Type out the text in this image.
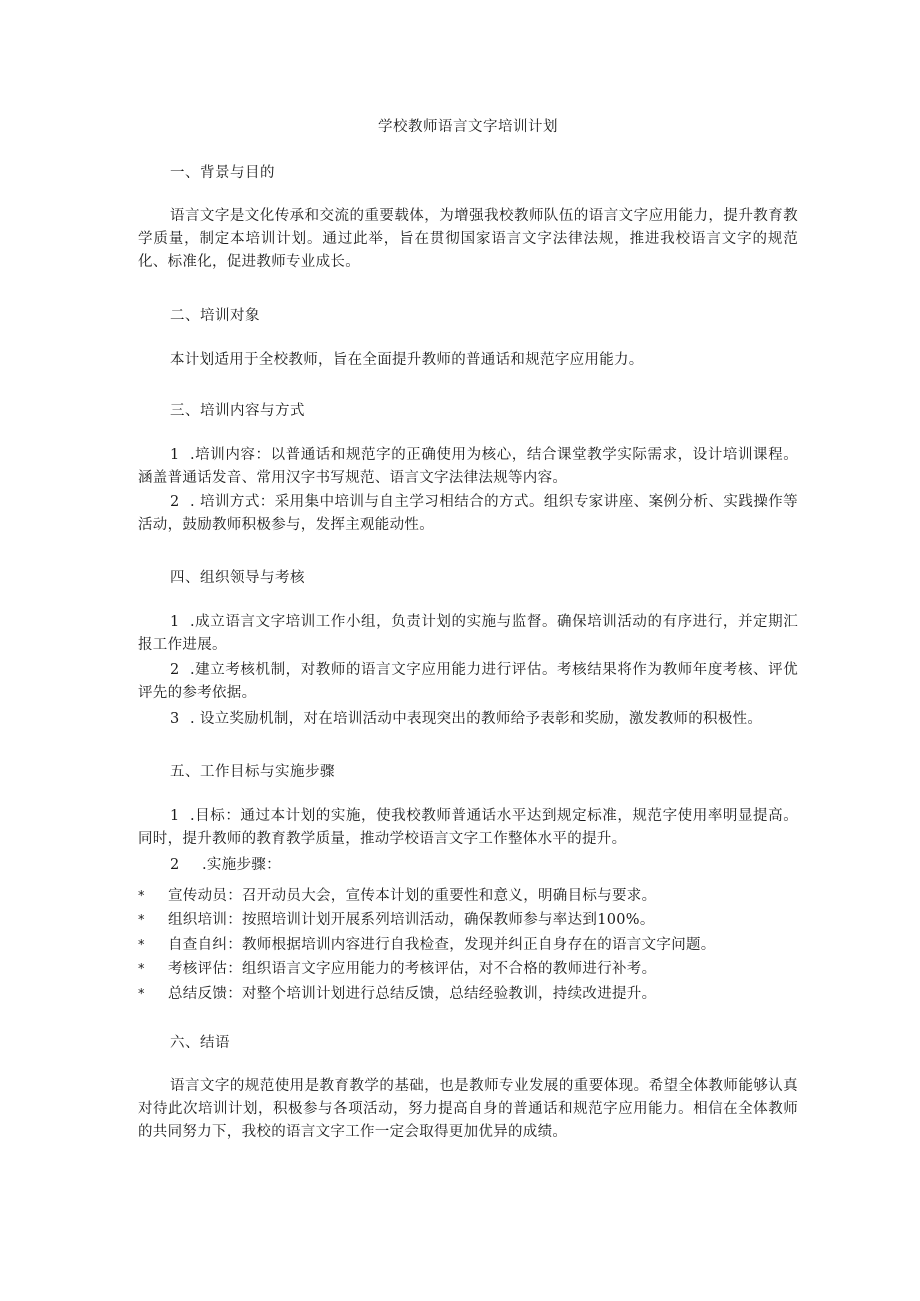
学校教师语言文字培训计划
一、背景与目的
语言文字是文化传承和交流的重要载体，为增强我校教师队伍的语言文字应用能力，提升教育教学质量，制定本培训计划。通过此举，旨在贯彻国家语言文字法律法规，推进我校语言文字的规范化、标准化，促进教师专业成长。
二、培训对象
本计划适用于全校教师，旨在全面提升教师的普通话和规范字应用能力。
三、培训内容与方式
1 .培训内容：以普通话和规范字的正确使用为核心，结合课堂教学实际需求，设计培训课程。涵盖普通话发音、常用汉字书写规范、语言文字法律法规等内容。
2 . 培训方式：采用集中培训与自主学习相结合的方式。组织专家讲座、案例分析、实践操作等活动，鼓励教师积极参与，发挥主观能动性。
四、组织领导与考核
1 .成立语言文字培训工作小组，负责计划的实施与监督。确保培训活动的有序进行，并定期汇报工作进展。
2 .建立考核机制，对教师的语言文字应用能力进行评估。考核结果将作为教师年度考核、评优评先的参考依据。
3 . 设立奖励机制，对在培训活动中表现突出的教师给予表彰和奖励，激发教师的积极性。
五、工作目标与实施步骤
1 .目标：通过本计划的实施，使我校教师普通话水平达到规定标准，规范字使用率明显提高。同时，提升教师的教育教学质量，推动学校语言文字工作整体水平的提升。
2 .实施步骤：
* 宣传动员：召开动员大会，宣传本计划的重要性和意义，明确目标与要求。
* 组织培训：按照培训计划开展系列培训活动，确保教师参与率达到100%。
* 自查自纠：教师根据培训内容进行自我检查，发现并纠正自身存在的语言文字问题。
* 考核评估：组织语言文字应用能力的考核评估，对不合格的教师进行补考。
* 总结反馈：对整个培训计划进行总结反馈，总结经验教训，持续改进提升。
六、结语
语言文字的规范使用是教育教学的基础，也是教师专业发展的重要体现。希望全体教师能够认真对待此次培训计划，积极参与各项活动，努力提高自身的普通话和规范字应用能力。相信在全体教师的共同努力下，我校的语言文字工作一定会取得更加优异的成绩。
